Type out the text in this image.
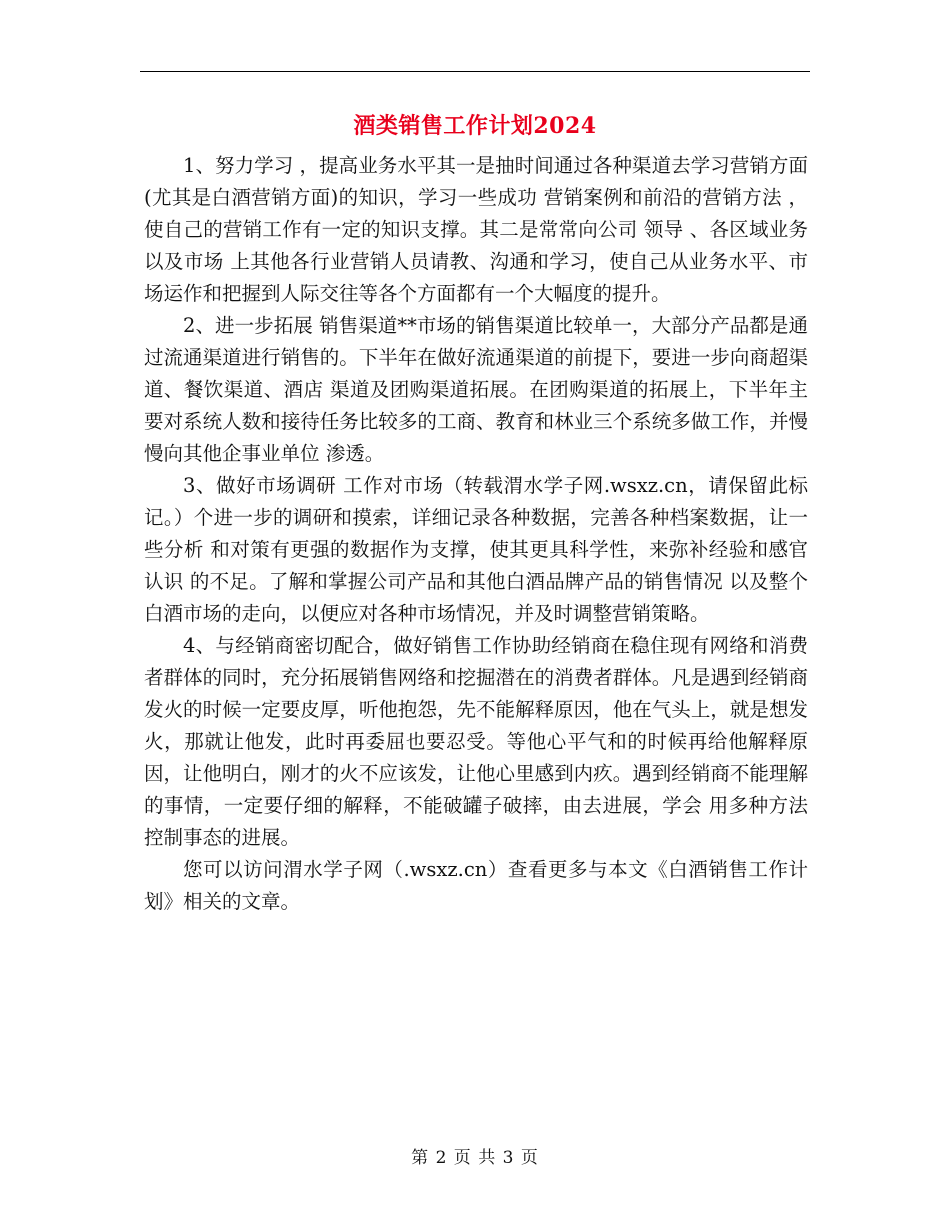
酒类销售工作计划2024

1、努力学习 ，提高业务水平其一是抽时间通过各种渠道去学习营销方面(尤其是白酒营销方面)的知识，学习一些成功 营销案例和前沿的营销方法 ，使自己的营销工作有一定的知识支撑。其二是常常向公司 领导 、各区域业务以及市场 上其他各行业营销人员请教、沟通和学习，使自己从业务水平、市场运作和把握到人际交往等各个方面都有一个大幅度的提升。

2、进一步拓展 销售渠道**市场的销售渠道比较单一，大部分产品都是通过流通渠道进行销售的。下半年在做好流通渠道的前提下，要进一步向商超渠道、餐饮渠道、酒店 渠道及团购渠道拓展。在团购渠道的拓展上，下半年主要对系统人数和接待任务比较多的工商、教育和林业三个系统多做工作，并慢慢向其他企事业单位 渗透。

3、做好市场调研 工作对市场（转载渭水学子网.wsxz.cn，请保留此标记。）个进一步的调研和摸索，详细记录各种数据，完善各种档案数据，让一些分析 和对策有更强的数据作为支撑，使其更具科学性，来弥补经验和感官认识 的不足。了解和掌握公司产品和其他白酒品牌产品的销售情况 以及整个白酒市场的走向，以便应对各种市场情况，并及时调整营销策略。

4、与经销商密切配合，做好销售工作协助经销商在稳住现有网络和消费者群体的同时，充分拓展销售网络和挖掘潜在的消费者群体。凡是遇到经销商发火的时候一定要皮厚，听他抱怨，先不能解释原因，他在气头上，就是想发火，那就让他发，此时再委屈也要忍受。等他心平气和的时候再给他解释原因，让他明白，刚才的火不应该发，让他心里感到内疚。遇到经销商不能理解的事情，一定要仔细的解释，不能破罐子破摔，由去进展，学会 用多种方法控制事态的进展。

您可以访问渭水学子网（.wsxz.cn）查看更多与本文《白酒销售工作计划》相关的文章。

第 2 页 共 3 页
